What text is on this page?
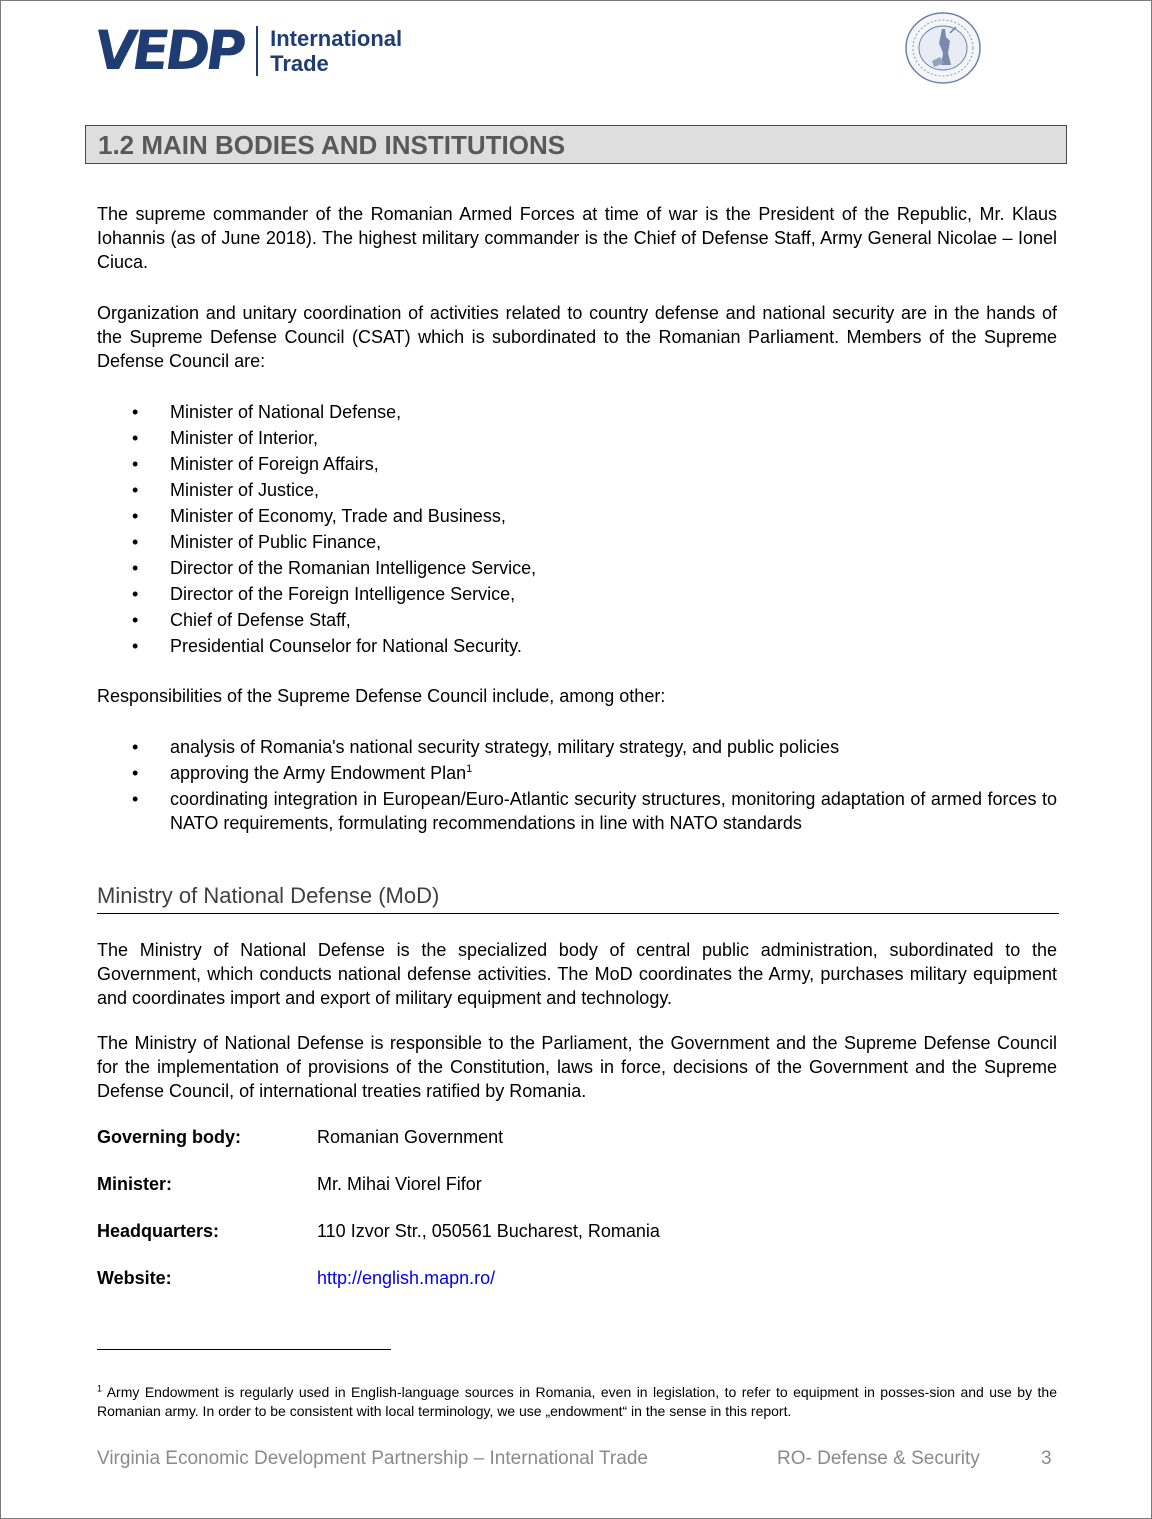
VEDP International
Trade
1.2 MAIN BODIES AND INSTITUTIONS

The supreme commander of the Romanian Armed Forces at time of war is the President of the Republic, Mr. Klaus Iohannis (as of June 2018). The highest military commander is the Chief of Defense Staff, Army General Nicolae – Ionel Ciuca.

Organization and unitary coordination of activities related to country defense and national security are in the hands of the Supreme Defense Council (CSAT) which is subordinated to the Romanian Parliament. Members of the Supreme Defense Council are:

• Minister of National Defense,
• Minister of Interior,
• Minister of Foreign Affairs,
• Minister of Justice,
• Minister of Economy, Trade and Business,
• Minister of Public Finance,
• Director of the Romanian Intelligence Service,
• Director of the Foreign Intelligence Service,
• Chief of Defense Staff,
• Presidential Counselor for National Security.

Responsibilities of the Supreme Defense Council include, among other:

• analysis of Romania's national security strategy, military strategy, and public policies
• approving the Army Endowment Plan$^1$
• coordinating integration in European/Euro-Atlantic security structures, monitoring adaptation of armed forces to NATO requirements, formulating recommendations in line with NATO standards
Ministry of National Defense (MoD)

The Ministry of National Defense is the specialized body of central public administration, subordinated to the Government, which conducts national defense activities. The MoD coordinates the Army, purchases military equipment and coordinates import and export of military equipment and technology.

The Ministry of National Defense is responsible to the Parliament, the Government and the Supreme Defense Council for the implementation of provisions of the Constitution, laws in force, decisions of the Government and the Supreme Defense Council, of international treaties ratified by Romania.

Governing body:	Romanian Government
Minister:	Mr. Mihai Viorel Fifor
Headquarters:	110 Izvor Str., 050561 Bucharest, Romania
Website:	http://english.mapn.ro/
$^1$ Army Endowment is regularly used in English-language sources in Romania, even in legislation, to refer to equipment in posses-sion and use by the Romanian army. In order to be consistent with local terminology, we use „endowment“ in the sense in this report.
Virginia Economic Development Partnership – International Trade	RO- Defense & Security	3
